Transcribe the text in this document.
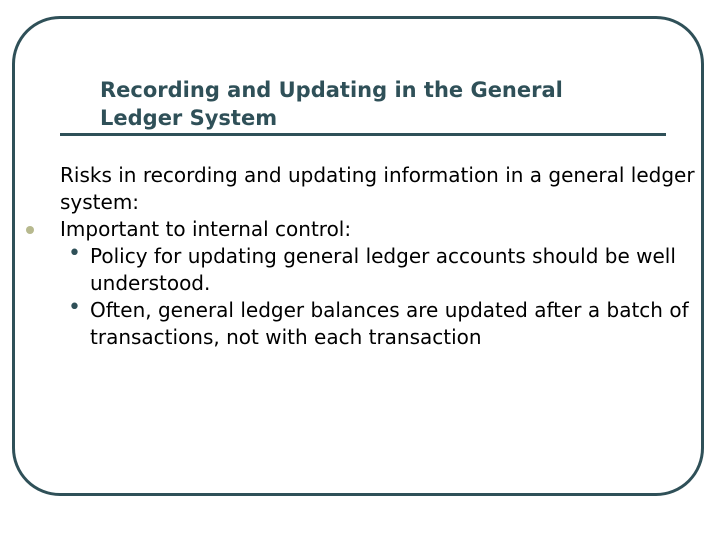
Recording and Updating in the General
Ledger System

Risks in recording and updating information in a general ledger system:

Important to internal control:
• Policy for updating general ledger accounts should be well understood.
• Often, general ledger balances are updated after a batch of transactions, not with each transaction
